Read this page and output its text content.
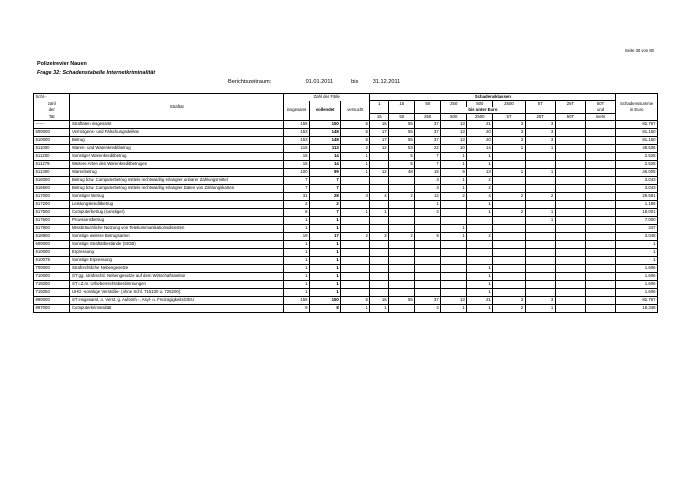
Seite 30 von 80
Polizeirevier Nauen
Frage 32: Schadenstabelle Internetkriminalität
Berichtszeitraum:	01.01.2011	bis	31.12.2011
Schl.-	Straftat	Zahl der Fälle			Schadensklassen									
zahl					1	15	50	250	500	2500	5T	25T	50T	Schadenssumme
der		insgesamt	vollendet	versucht				bis unter Euro					und	in Euro
Tat					15	50	250	500	2500	5T	25T	50T	mehr	
------	Straftaten insgesamt	155	150	5	16	55	37	13	21	3	3			82.767
500000	Vermögens- und Fälschungsdelikte	153	148	5	17	55	37	13	20	3	3			81.160
510000	Betrug	153	148	5	17	55	37	13	20	3	3			81.160
511000	Waren- und Warenkreditbetrug	115	113	2	12	53	22	10	14	1	1			48.536
511200	Sonstiger Warenkreditbetrug	15	14	1		5	7	1	1					2.528
511279	Weitere Arten des Warenkreditbetruges	15	14	1		5	7	1	1					2.528
511300	Warenbetrug	100	99	1	12	48	15	9	13	1	1			46.005
516000	Betrug bzw. Computerbetrug mittels rechtswidrig erlangter unbarer Zahlungsmittel	7	7				3	1	2					3.043
516500	Betrug bzw. Computerbetrug mittels rechtswidrig erlangter Daten von Zahlungskarten	7	7				3	1	2					3.043
517000	Sonstiger Betrug	31	28	3	4	2	12	2	4	2	2			29.581
517200	Leistungskreditbetrug	2	2				1		1					1.185
517500	Computerbetrug (sonstiger)	8	7	1	1		2		1	2	1			18.001
517600	Provisionsbetrug	1	1								1			7.000
517900	Missbräuchliche Nutzung von Telekommunikationsdiensten	1	1					1						347
518900	Sonstige weitere Betrugsarten	19	17	2	3	2	9	1	2					3.048
600000	Sonstige Straftatbestände (StGB)	1	1											1
610000	Erpressung	1	1											1
610079	Sonstige Erpressung	1	1											1
700000	Strafrechtliche Nebengesetze	1	1						1					1.606
710000	ST gg. strafrechtl. Nebengesetze auf dem Wirtschaftssektor	1	1						1					1.606
715000	ST i.Z.m. Urheberrechtsbestimmungen	1	1						1					1.606
715050	UHG -sonstige Verstöße- (ohne Schl. 715100 u. 725200)	1	1						1					1.606
890000	ST insgesamt, o. Verst. g. Aufenth.-, Asyl- u. FreizügigkeitsG/EU	155	150	5	16	55	37	13	21	3	3			82.767
897000	Computerkriminalität	9	8	1	1		2	1	1	2	1			18.348
